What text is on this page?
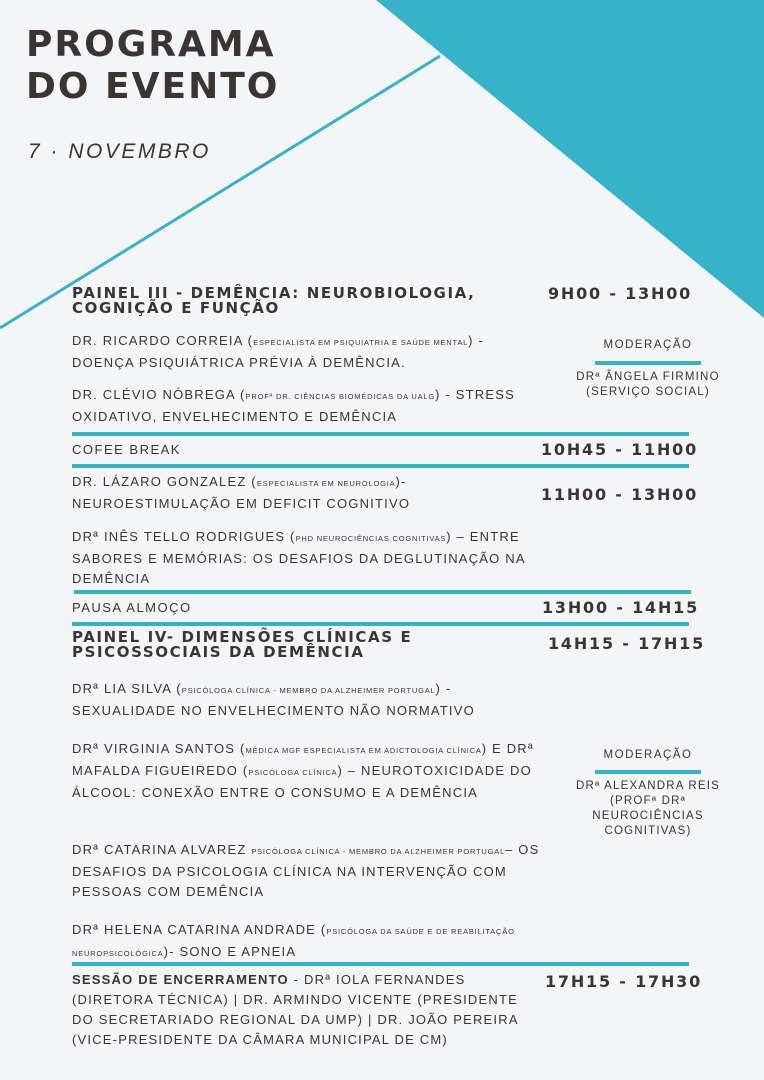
PROGRAMA
DO EVENTO
7 · NOVEMBRO
PAINEL III - DEMÊNCIA: NEUROBIOLOGIA,
COGNIÇÃO E FUNÇÃO
9H00 - 13H00
DR. RICARDO CORREIA (ESPECIALISTA EM PSIQUIATRIA E SAÚDE MENTAL) - DOENÇA PSIQUIÁTRICA PRÉVIA À DEMÊNCIA.
DR. CLÉVIO NÓBREGA (PROFª DR. CIÊNCIAS BIOMÉDICAS DA UALG) - STRESS OXIDATIVO, ENVELHECIMENTO E DEMÊNCIA
MODERAÇÃO
DRª ÂNGELA FIRMINO
(SERVIÇO SOCIAL)
COFEE BREAK	10H45 - 11H00
DR. LÁZARO GONZALEZ (ESPECIALISTA EM NEUROLOGIA)- NEUROESTIMULAÇÃO EM DEFICIT COGNITIVO	11H00 - 13H00
DRª INÊS TELLO RODRIGUES (PHD NEUROCIÊNCIAS COGNITIVAS) – ENTRE SABORES E MEMÓRIAS: OS DESAFIOS DA DEGLUTINAÇÃO NA DEMÊNCIA
PAUSA ALMOÇO	13H00 - 14H15
PAINEL IV- DIMENSÕES CLÍNICAS E
PSICOSSOCIAIS DA DEMÊNCIA	14H15 - 17H15
DRª LIA SILVA (PSICÓLOGA CLÍNICA - MEMBRO DA ALZHEIMER PORTUGAL) - SEXUALIDADE NO ENVELHECIMENTO NÃO NORMATIVO
DRª VIRGINIA SANTOS (MÉDICA MGF ESPECIALISTA EM ADICTOLOGIA CLÍNICA) E DRª MAFALDA FIGUEIREDO (PSICÓLOGA CLÍNICA) – NEUROTOXICIDADE DO ÁLCOOL: CONEXÃO ENTRE O CONSUMO E A DEMÊNCIA
DRª CATARINA ALVAREZ PSICÓLOGA CLÍNICA - MEMBRO DA ALZHEIMER PORTUGAL– OS DESAFIOS DA PSICOLOGIA CLÍNICA NA INTERVENÇÃO COM PESSOAS COM DEMÊNCIA
DRª HELENA CATARINA ANDRADE (PSICÓLOGA DA SAÚDE E DE REABILITAÇÃO NEUROPSICOLÓGICA)- SONO E APNEIA
MODERAÇÃO
DRª ALEXANDRA REIS
(PROFª DRª
NEUROCIÊNCIAS
COGNITIVAS)
SESSÃO DE ENCERRAMENTO - DRª IOLA FERNANDES (DIRETORA TÉCNICA) | DR. ARMINDO VICENTE (PRESIDENTE DO SECRETARIADO REGIONAL DA UMP) | DR. JOÃO PEREIRA (VICE-PRESIDENTE DA CÂMARA MUNICIPAL DE CM)
17H15 - 17H30
